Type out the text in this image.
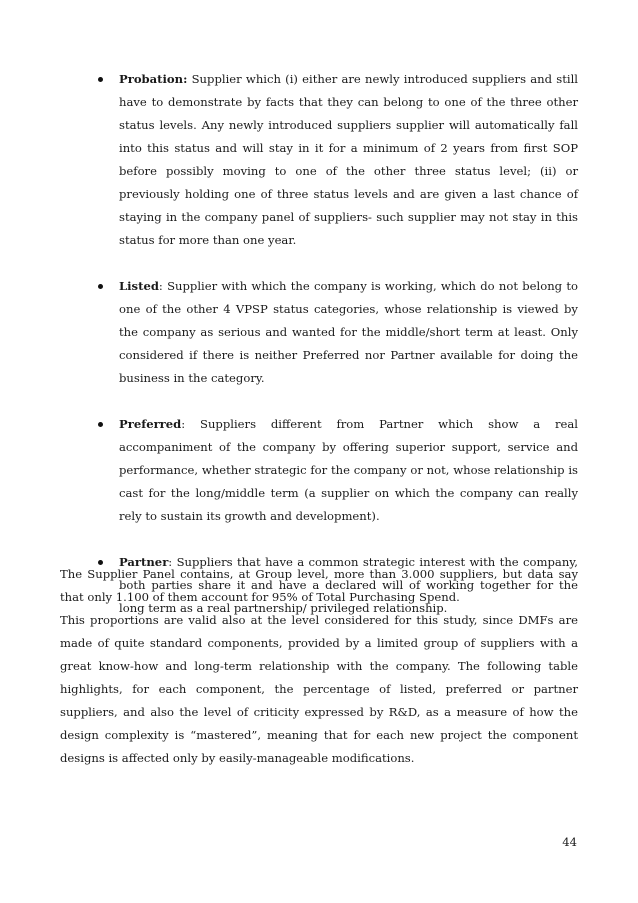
Probation: Supplier which (i) either are newly introduced suppliers and still have to demonstrate by facts that they can belong to one of the three other status levels. Any newly introduced suppliers supplier will automatically fall into this status and will stay in it for a minimum of 2 years from first SOP before possibly moving to one of the other three status level; (ii) or previously holding one of three status levels and are given a last chance of staying in the company panel of suppliers- such supplier may not stay in this status for more than one year.

Listed: Supplier with which the company is working, which do not belong to one of the other 4 VPSP status categories, whose relationship is viewed by the company as serious and wanted for the middle/short term at least. Only considered if there is neither Preferred nor Partner available for doing the business in the category.

Preferred: Suppliers different from Partner which show a real accompaniment of the company by offering superior support, service and performance, whether strategic for the company or not, whose relationship is cast for the long/middle term (a supplier on which the company can really rely to sustain its growth and development).

Partner: Suppliers that have a common strategic interest with the company, both parties share it and have a declared will of working together for the long term as a real partnership/ privileged relationship.

The Supplier Panel contains, at Group level, more than 3.000 suppliers, but data say that only 1.100 of them account for 95% of Total Purchasing Spend.

This proportions are valid also at the level considered for this study, since DMFs are made of quite standard components, provided by a limited group of suppliers with a great know-how and long-term relationship with the company. The following table highlights, for each component, the percentage of listed, preferred or partner suppliers, and also the level of criticity expressed by R&D, as a measure of how the design complexity is “mastered”, meaning that for each new project the component designs is affected only by easily-manageable modifications.

44
